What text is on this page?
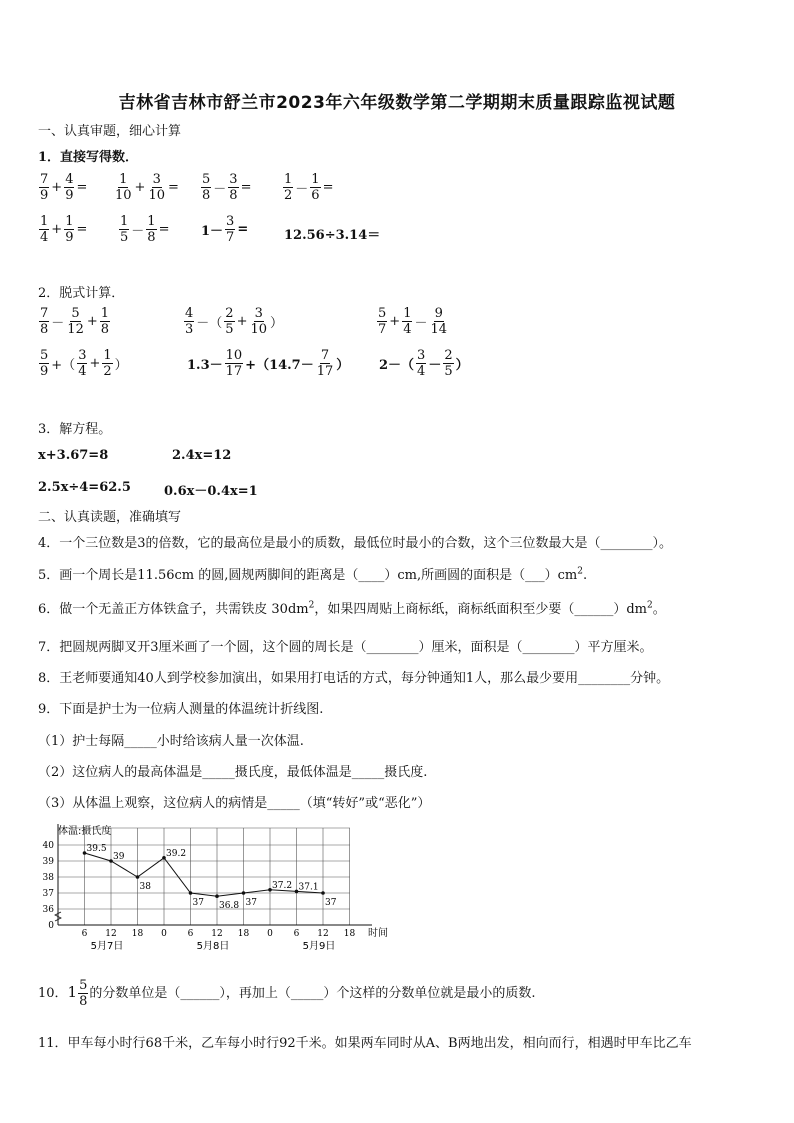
吉林省吉林市舒兰市2023年六年级数学第二学期期末质量跟踪监视试题
一、认真审题，细心计算
1．直接写得数．
$\frac{7}{9} + \frac{4}{9} = \frac{1}{10} + \frac{3}{10} = \frac{5}{8} - \frac{3}{8} = \frac{1}{2} - \frac{1}{6}$ =
$\frac{1}{4} + \frac{1}{9} = \frac{1}{5} - \frac{1}{8} = 1- \frac{3}{7}$ =	12.56÷3.14＝
2．脱式计算．
$\frac{7}{8} - \frac{5}{12} + \frac{1}{8}$	$\frac{4}{3}$ －（ $\frac{2}{5} + \frac{3}{10}$ ）	$\frac{5}{7} + \frac{1}{4} - \frac{9}{14}$
$\frac{5}{9}$ +（ $\frac{3}{4} + \frac{1}{2}$ ）	$1.3- \frac{10}{17} +(14.7- \frac{7}{17}$ ） $2-( \frac{3}{4} - \frac{2}{5}$ ）
3．解方程。
x+3.67=8	2.4x=12
2.5x÷4=62.5	0.6x－0.4x=1
二、认真读题，准确填写
4．一个三位数是3的倍数，它的最高位是最小的质数，最低位时最小的合数，这个三位数最大是（________）。
5．画一个周长是11.56cm 的圆,圆规两脚间的距离是（____）cm,所画圆的面积是$(\_\_\_)cm^2$.
6．做一个无盖正方体铁盒子，共需铁皮 $30dm^2$，如果四周贴上商标纸，商标纸面积至少要$(\_\_\_\_\_\_)dm^2$。
7．把圆规两脚叉开3厘米画了一个圆，这个圆的周长是（________）厘米，面积是（________）平方厘米。
8．王老师要通知40人到学校参加演出，如果用打电话的方式，每分钟通知1人，那么最少要用________分钟。
9．下面是护士为一位病人测量的体温统计折线图.
（1）护士每隔_____小时给该病人量一次体温.
（2）这位病人的最高体温是_____摄氏度，最低体温是_____摄氏度.
（3）从体温上观察，这位病人的病情是_____（填“转好”或“恶化”）
0
36
37
38
39
40
6 12 18 0 6 12 18 0 6 12 18
5月7日	5月8日	5月9日
39.5
39
38
39.2
37 36.8 37
37.2 37.1
37
体温:摄氏度
时间
10．$1 \frac{5}{8}$ 的分数单位是（______），再加上（_____）个这样的分数单位就是最小的质数.
11．甲车每小时行68千米，乙车每小时行92千米。如果两车同时从A、B两地出发，相向而行，相遇时甲车比乙车
